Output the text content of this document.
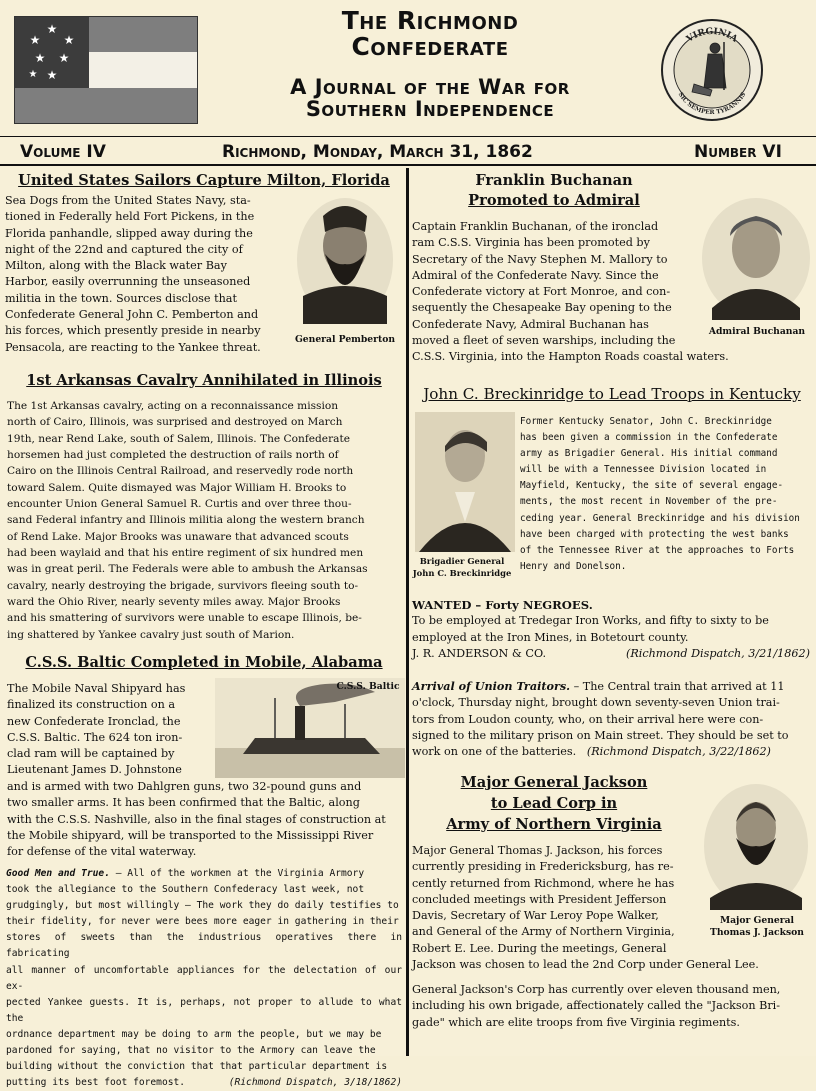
★
★ ★
★ ★
★
★
The Richmond
Confederate
A Journal of the War for
Southern Independence
VIRGINIA
SIC SEMPER TYRANNIS
Volume IV	Richmond, Monday, March 31, 1862	Number VI
United States Sailors Capture Milton, Florida
Sea Dogs from the United States Navy, sta-
tioned in Federally held Fort Pickens, in the
Florida panhandle, slipped away during the
night of the 22nd and captured the city of
Milton, along with the Black water Bay
Harbor, easily overrunning the unseasoned
militia in the town. Sources disclose that
Confederate General John C. Pemberton and
his forces, which presently preside in nearby
Pensacola, are reacting to the Yankee threat.
General Pemberton
1st Arkansas Cavalry Annihilated in Illinois
The 1st Arkansas cavalry, acting on a reconnaissance mission
north of Cairo, Illinois, was surprised and destroyed on March
19th, near Rend Lake, south of Salem, Illinois. The Confederate
horsemen had just completed the destruction of rails north of
Cairo on the Illinois Central Railroad, and reservedly rode north
toward Salem. Quite dismayed was Major William H. Brooks to
encounter Union General Samuel R. Curtis and over three thou-
sand Federal infantry and Illinois militia along the western branch
of Rend Lake. Major Brooks was unaware that advanced scouts
had been waylaid and that his entire regiment of six hundred men
was in great peril. The Federals were able to ambush the Arkansas
cavalry, nearly destroying the brigade, survivors fleeing south to-
ward the Ohio River, nearly seventy miles away. Major Brooks
and his smattering of survivors were unable to escape Illinois, be-
ing shattered by Yankee cavalry just south of Marion.
C.S.S. Baltic Completed in Mobile, Alabama
The Mobile Naval Shipyard has
finalized its construction on a
new Confederate Ironclad, the
C.S.S. Baltic. The 624 ton iron-
clad ram will be captained by
Lieutenant James D. Johnstone
C.S.S. Baltic
and is armed with two Dahlgren guns, two 32-pound guns and
two smaller arms. It has been confirmed that the Baltic, along
with the C.S.S. Nashville, also in the final stages of construction at
the Mobile shipyard, will be transported to the Mississippi River
for defense of the vital waterway.
Good Men and True. – All of the workmen at the Virginia Armory
took the allegiance to the Southern Confederacy last week, not
grudgingly, but most willingly – The work they do daily testifies to
their fidelity, for never were bees more eager in gathering in their
stores of sweets than the industrious operatives there in fabricating
all manner of uncomfortable appliances for the delectation of our ex-
pected Yankee guests. It is, perhaps, not proper to allude to what the
ordnance department may be doing to arm the people, but we may be
pardoned for saying, that no visitor to the Armory can leave the
building without the conviction that that particular department is
putting its best foot foremost.	(Richmond Dispatch, 3/18/1862)
Franklin Buchanan
Promoted to Admiral
Captain Franklin Buchanan, of the ironclad
ram C.S.S. Virginia has been promoted by
Secretary of the Navy Stephen M. Mallory to
Admiral of the Confederate Navy. Since the
Confederate victory at Fort Monroe, and con-
sequently the Chesapeake Bay opening to the
Confederate Navy, Admiral Buchanan has
moved a fleet of seven warships, including the
C.S.S. Virginia, into the Hampton Roads coastal waters.
Admiral Buchanan
John C. Breckinridge to Lead Troops in Kentucky
Brigadier General
John C. Breckinridge
Former Kentucky Senator, John C. Breckinridge
has been given a commission in the Confederate
army as Brigadier General. His initial command
will be with a Tennessee Division located in
Mayfield, Kentucky, the site of several engage-
ments, the most recent in November of the pre-
ceding year. General Breckinridge and his division
have been charged with protecting the west banks
of the Tennessee River at the approaches to Forts
Henry and Donelson.
WANTED – Forty NEGROES.
To be employed at Tredegar Iron Works, and fifty to sixty to be
employed at the Iron Mines, in Botetourt county.
J. R. ANDERSON & CO.	(Richmond Dispatch, 3/21/1862)
Arrival of Union Traitors. – The Central train that arrived at 11
o'clock, Thursday night, brought down seventy-seven Union trai-
tors from Loudon county, who, on their arrival here were con-
signed to the military prison on Main street. They should be set to
work on one of the batteries. (Richmond Dispatch, 3/22/1862)
Major General Jackson
to Lead Corp in
Army of Northern Virginia
Major General Thomas J. Jackson, his forces
currently presiding in Fredericksburg, has re-
cently returned from Richmond, where he has
concluded meetings with President Jefferson
Davis, Secretary of War Leroy Pope Walker,
and General of the Army of Northern Virginia,
Robert E. Lee. During the meetings, General
Jackson was chosen to lead the 2nd Corp under General Lee.
Major General
Thomas J. Jackson
General Jackson's Corp has currently over eleven thousand men,
including his own brigade, affectionately called the "Jackson Bri-
gade" which are elite troops from five Virginia regiments.
